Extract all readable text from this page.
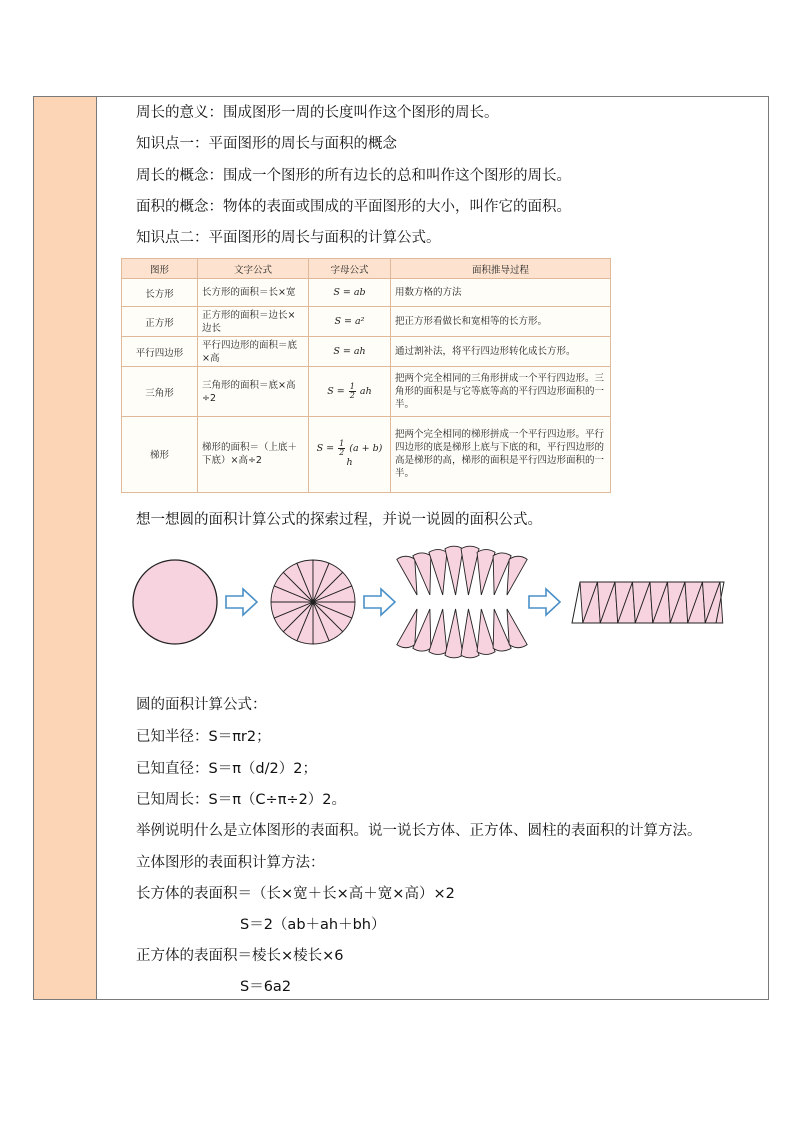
周长的意义：围成图形一周的长度叫作这个图形的周长。
知识点一：平面图形的周长与面积的概念
周长的概念：围成一个图形的所有边长的总和叫作这个图形的周长。
面积的概念：物体的表面或围成的平面图形的大小，叫作它的面积。
知识点二：平面图形的周长与面积的计算公式。
图形	文字公式	字母公式	面积推导过程
长方形	长方形的面积＝长×宽	S = ab	用数方格的方法
正方形	正方形的面积＝边长×边长	S = a²	把正方形看做长和宽相等的长方形。
平行四边形	平行四边形的面积＝底×高	S = ah	通过割补法，将平行四边形转化成长方形。
三角形	三角形的面积＝底×高÷2	$S = \frac{1}{2}$ ah	把两个完全相同的三角形拼成一个平行四边形。三角形的面积是与它等底等高的平行四边形面积的一半。
梯形	梯形的面积＝（上底＋下底）×高÷2	$S = \frac{1}{2} (a + b)$ h	把两个完全相同的梯形拼成一个平行四边形。平行四边形的底是梯形上底与下底的和，平行四边形的高是梯形的高，梯形的面积是平行四边形面积的一半。
想一想圆的面积计算公式的探索过程，并说一说圆的面积公式。
圆的面积计算公式：
已知半径：S＝πr2；
已知直径：S＝π（d/2）2；
已知周长：S＝π（C÷π÷2）2。
举例说明什么是立体图形的表面积。说一说长方体、正方体、圆柱的表面积的计算方法。
立体图形的表面积计算方法：
长方体的表面积＝（长×宽＋长×高＋宽×高）×2
S＝2（ab＋ah＋bh）
正方体的表面积＝棱长×棱长×6
S＝6a2
